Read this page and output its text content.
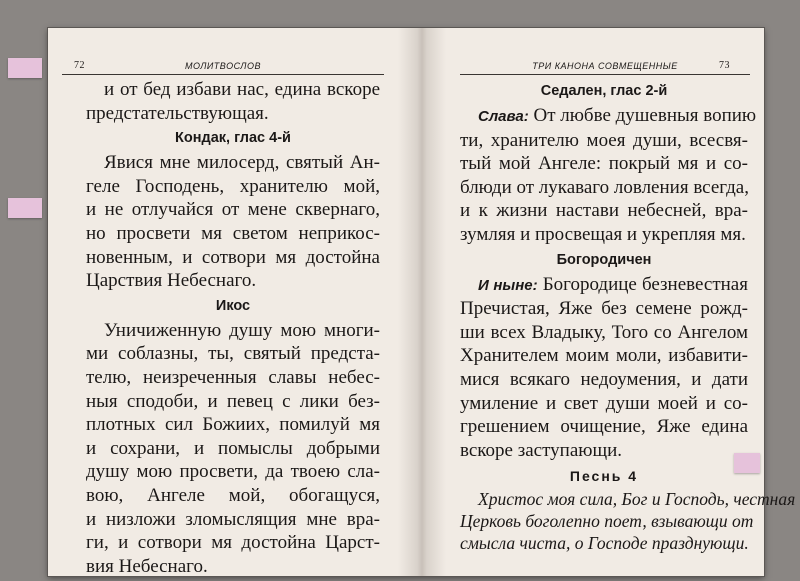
72	МОЛИТВОСЛОВ
и от бед избави нас, едина вскоре
предстательствующая.
Кондак, глас 4-й
Явися мне милосерд, святый Ан-
геле Господень, хранителю мой,
и не отлучайся от мене сквернаго,
но просвети мя светом неприкос-
новенным, и сотвори мя достойна
Царствия Небеснаго.
Икос
Уничиженную душу мою многи-
ми соблазны, ты, святый предста-
телю, неизреченныя славы небес-
ныя сподоби, и певец с лики без-
плотных сил Божиих, помилуй мя
и сохрани, и помыслы добрыми
душу мою просвети, да твоею сла-
вою, Ангеле мой, обогащуся,
и низложи зломыслящия мне вра-
ги, и сотвори мя достойна Царст-
вия Небеснаго.
ТРИ КАНОНА СОВМЕЩЕННЫЕ	73
Седален, глас 2-й
Слава: От любве душевныя вопию
ти, хранителю моея души, всесвя-
тый мой Ангеле: покрый мя и со-
блюди от лукаваго ловления всегда,
и к жизни настави небесней, вра-
зумляя и просвещая и укрепляя мя.
Богородичен
И ныне: Богородице безневестная
Пречистая, Яже без семене рожд-
ши всех Владыку, Того со Ангелом
Хранителем моим моли, избавити-
мися всякаго недоумения, и дати
умиление и свет души моей и со-
грешением очищение, Яже едина
вскоре заступающи.
Песнь 4
Христос моя сила, Бог и Господь, честная
Церковь боголепно поет, взывающи от
смысла чиста, о Господе празднующи.
